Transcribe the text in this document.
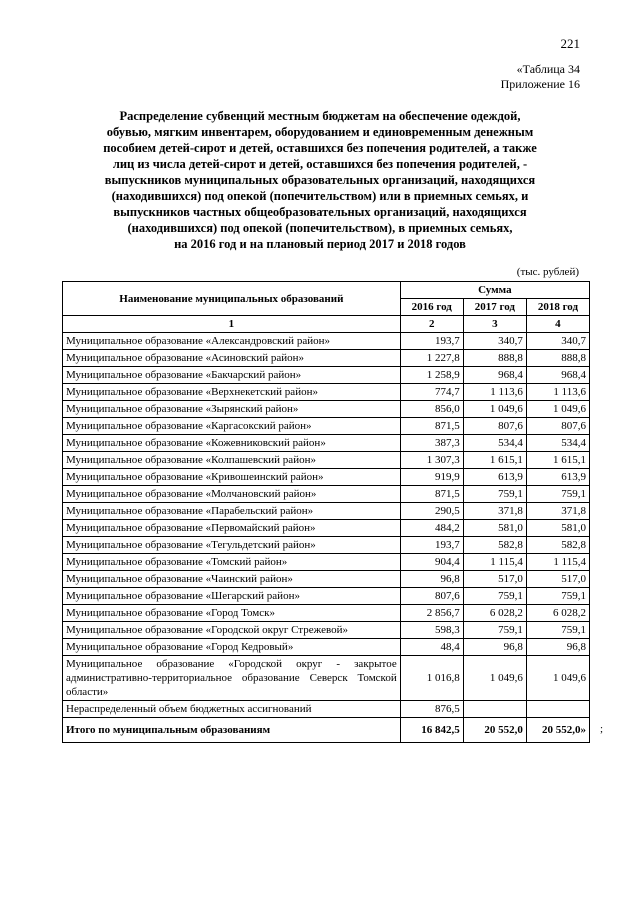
221
«Таблица 34
Приложение 16
Распределение субвенций местным бюджетам на обеспечение одеждой,
обувью, мягким инвентарем, оборудованием и единовременным денежным
пособием детей-сирот и детей, оставшихся без попечения родителей, а также
лиц из числа детей-сирот и детей, оставшихся без попечения родителей, -
выпускников муниципальных образовательных организаций, находящихся
(находившихся) под опекой (попечительством) или в приемных семьях, и
выпускников частных общеобразовательных организаций, находящихся
(находившихся) под опекой (попечительством), в приемных семьях,
на 2016 год и на плановый период 2017 и 2018 годов
(тыс. рублей)
Наименование муниципальных образований	Сумма		
	2016 год	2017 год	2018 год
1	2	3	4
Муниципальное образование «Александровский район»	193,7	340,7	340,7
Муниципальное образование «Асиновский район»	1 227,8	888,8	888,8
Муниципальное образование «Бакчарский район»	1 258,9	968,4	968,4
Муниципальное образование «Верхнекетский район»	774,7	1 113,6	1 113,6
Муниципальное образование «Зырянский район»	856,0	1 049,6	1 049,6
Муниципальное образование «Каргасокский район»	871,5	807,6	807,6
Муниципальное образование «Кожевниковский район»	387,3	534,4	534,4
Муниципальное образование «Колпашевский район»	1 307,3	1 615,1	1 615,1
Муниципальное образование «Кривошеинский район»	919,9	613,9	613,9
Муниципальное образование «Молчановский район»	871,5	759,1	759,1
Муниципальное образование «Парабельский район»	290,5	371,8	371,8
Муниципальное образование «Первомайский район»	484,2	581,0	581,0
Муниципальное образование «Тегульдетский район»	193,7	582,8	582,8
Муниципальное образование «Томский район»	904,4	1 115,4	1 115,4
Муниципальное образование «Чаинский район»	96,8	517,0	517,0
Муниципальное образование «Шегарский район»	807,6	759,1	759,1
Муниципальное образование «Город Томск»	2 856,7	6 028,2	6 028,2
Муниципальное образование «Городской округ Стрежевой»	598,3	759,1	759,1
Муниципальное образование «Город Кедровый»	48,4	96,8	96,8
Муниципальное образование «Городской округ - закрытое административно-территориальное образование Северск Томской области»	1 016,8	1 049,6	1 049,6
Нераспределенный объем бюджетных ассигнований	876,5		
Итого по муниципальным образованиям	16 842,5	20 552,0	20 552,0» ;
